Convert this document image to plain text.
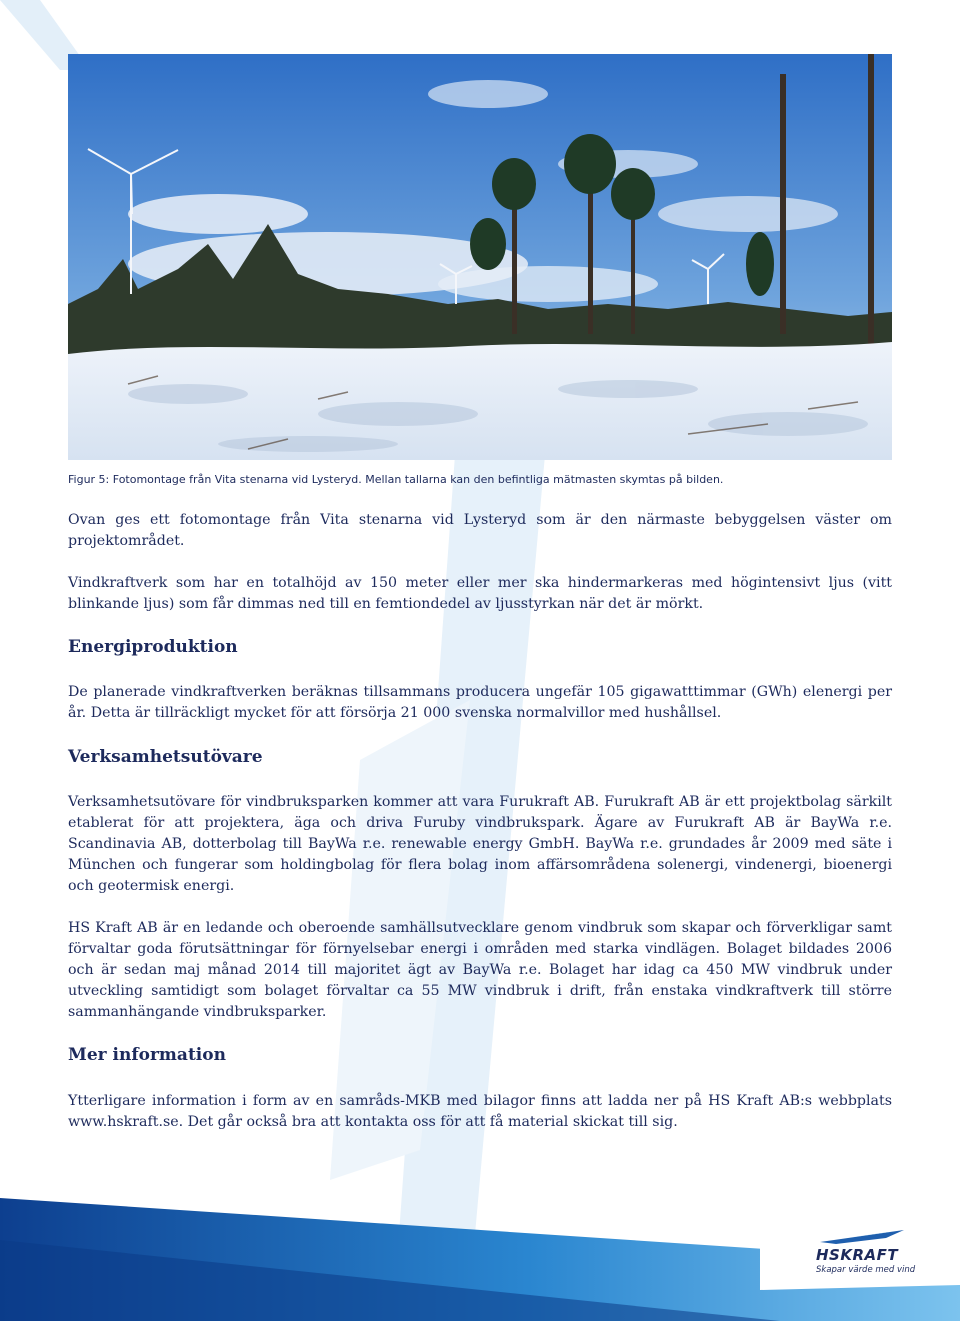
Figur 5: Fotomontage från Vita stenarna vid Lysteryd. Mellan tallarna kan den befintliga mätmasten skymtas på bilden.

Ovan ges ett fotomontage från Vita stenarna vid Lysteryd som är den närmaste bebyggelsen väster om projektområdet.

Vindkraftverk som har en totalhöjd av 150 meter eller mer ska hindermarkeras med högintensivt ljus (vitt blinkande ljus) som får dimmas ned till en femtiondedel av ljusstyrkan när det är mörkt.

Energiproduktion

De planerade vindkraftverken beräknas tillsammans producera ungefär 105 gigawatttimmar (GWh) elenergi per år. Detta är tillräckligt mycket för att försörja 21 000 svenska normalvillor med hushållsel.

Verksamhetsutövare

Verksamhetsutövare för vindbruksparken kommer att vara Furukraft AB. Furukraft AB är ett projektbolag särkilt etablerat för att projektera, äga och driva Furuby vindbrukspark. Ägare av Furukraft AB är BayWa r.e. Scandinavia AB, dotterbolag till BayWa r.e. renewable energy GmbH. BayWa r.e. grundades år 2009 med säte i München och fungerar som holdingbolag för flera bolag inom affärsområdena solenergi, vindenergi, bioenergi och geotermisk energi.

HS Kraft AB är en ledande och oberoende samhällsutvecklare genom vindbruk som skapar och förverkligar samt förvaltar goda förutsättningar för förnyelsebar energi i områden med starka vindlägen. Bolaget bildades 2006 och är sedan maj månad 2014 till majoritet ägt av BayWa r.e. Bolaget har idag ca 450 MW vindbruk under utveckling samtidigt som bolaget förvaltar ca 55 MW vindbruk i drift, från enstaka vindkraftverk till större sammanhängande vindbruksparker.

Mer information

Ytterligare information i form av en samråds-MKB med bilagor finns att ladda ner på HS Kraft AB:s webbplats www.hskraft.se. Det går också bra att kontakta oss för att få material skickat till sig.

HSKRAFT
Skapar värde med vind
